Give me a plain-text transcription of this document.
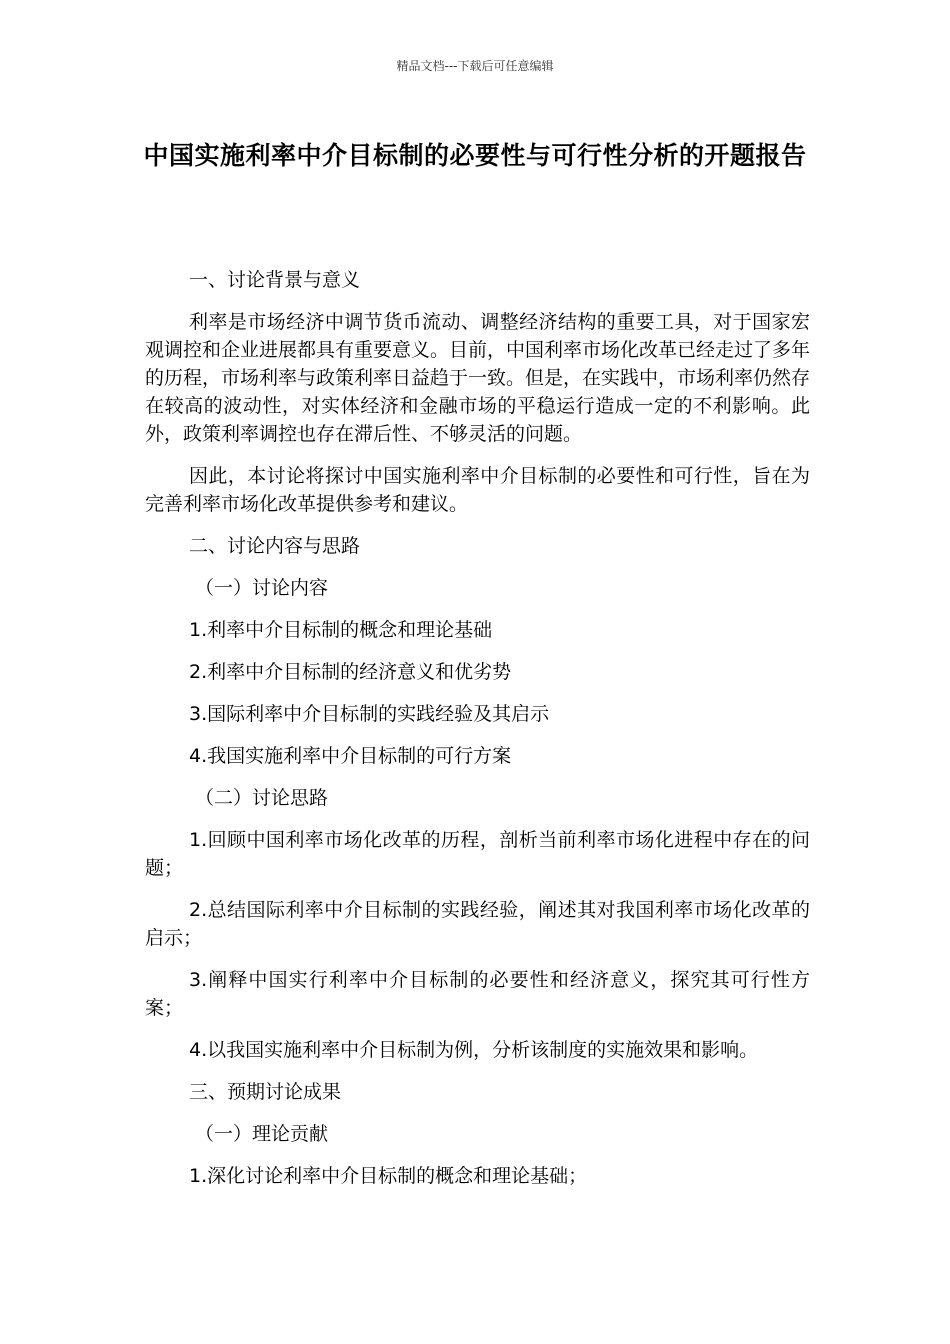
精品文档---下载后可任意编辑
中国实施利率中介目标制的必要性与可行性分析的开题报告
一、讨论背景与意义

利率是市场经济中调节货币流动、调整经济结构的重要工具，对于国家宏观调控和企业进展都具有重要意义。目前，中国利率市场化改革已经走过了多年的历程，市场利率与政策利率日益趋于一致。但是，在实践中，市场利率仍然存在较高的波动性，对实体经济和金融市场的平稳运行造成一定的不利影响。此外，政策利率调控也存在滞后性、不够灵活的问题。

因此，本讨论将探讨中国实施利率中介目标制的必要性和可行性，旨在为完善利率市场化改革提供参考和建议。

二、讨论内容与思路
（一）讨论内容
1.利率中介目标制的概念和理论基础
2.利率中介目标制的经济意义和优劣势
3.国际利率中介目标制的实践经验及其启示
4.我国实施利率中介目标制的可行方案
（二）讨论思路

1.回顾中国利率市场化改革的历程，剖析当前利率市场化进程中存在的问题；

2.总结国际利率中介目标制的实践经验，阐述其对我国利率市场化改革的启示；

3.阐释中国实行利率中介目标制的必要性和经济意义，探究其可行性方案；

4.以我国实施利率中介目标制为例，分析该制度的实施效果和影响。

三、预期讨论成果
（一）理论贡献
1.深化讨论利率中介目标制的概念和理论基础；
